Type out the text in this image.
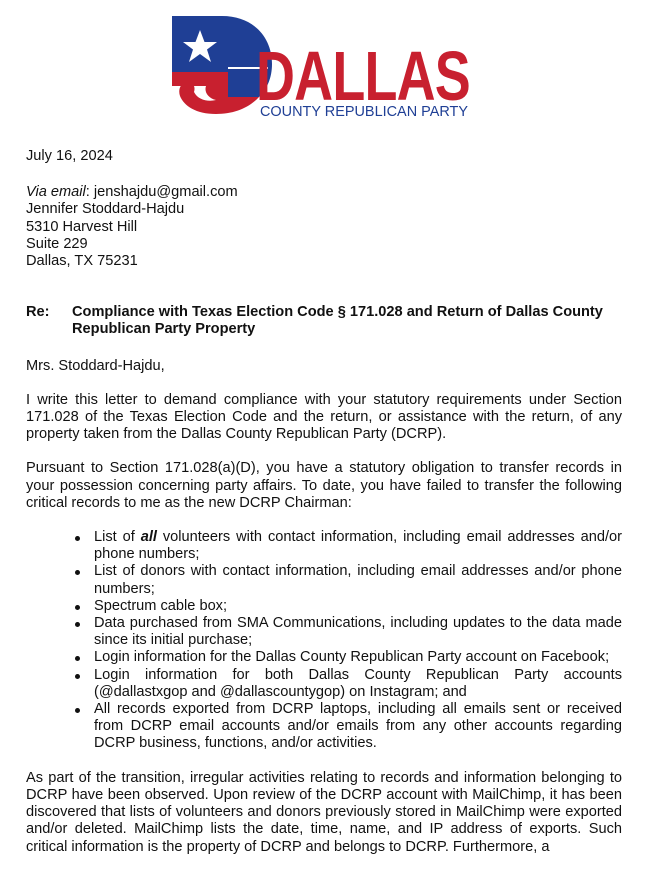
DALLAS
COUNTY REPUBLICAN PARTY

July 16, 2024

Via email: jenshajdu@gmail.com

Jennifer Stoddard-Hajdu

5310 Harvest Hill

Suite 229

Dallas, TX 75231

Re:	Compliance with Texas Election Code § 171.028 and Return of Dallas County Republican Party Property

Mrs. Stoddard-Hajdu,

I write this letter to demand compliance with your statutory requirements under Section 171.028 of the Texas Election Code and the return, or assistance with the return, of any property taken from the Dallas County Republican Party (DCRP).

Pursuant to Section 171.028(a)(D), you have a statutory obligation to transfer records in your possession concerning party affairs. To date, you have failed to transfer the following critical records to me as the new DCRP Chairman:

List of all volunteers with contact information, including email addresses and/or phone numbers;
List of donors with contact information, including email addresses and/or phone numbers;
Spectrum cable box;
Data purchased from SMA Communications, including updates to the data made since its initial purchase;
Login information for the Dallas County Republican Party account on Facebook;
Login information for both Dallas County Republican Party accounts (@dallastxgop and @dallascountygop) on Instagram; and
All records exported from DCRP laptops, including all emails sent or received from DCRP email accounts and/or emails from any other accounts regarding DCRP business, functions, and/or activities.

As part of the transition, irregular activities relating to records and information belonging to DCRP have been observed. Upon review of the DCRP account with MailChimp, it has been discovered that lists of volunteers and donors previously stored in MailChimp were exported and/or deleted. MailChimp lists the date, time, name, and IP address of exports. Such critical information is the property of DCRP and belongs to DCRP. Furthermore, a
